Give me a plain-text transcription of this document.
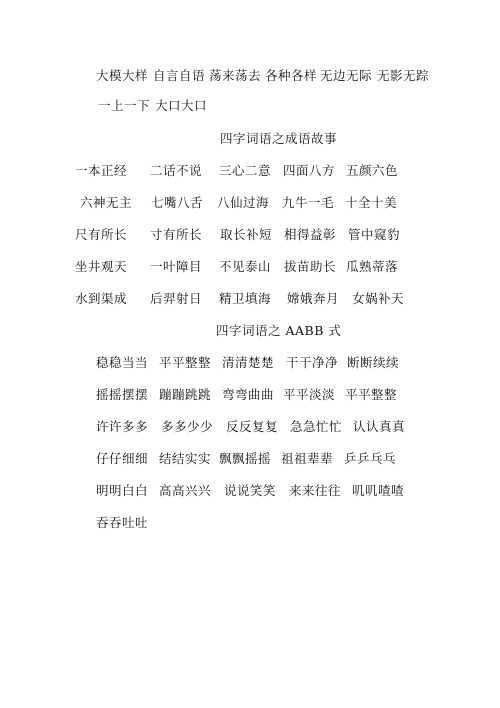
大模大样 自言自语 荡来荡去 各种各样 无边无际 无影无踪
一上一下 大口大口
四字词语之成语故事
一本正经 二话不说 三心二意 四面八方 五颜六色
六神无主 七嘴八舌 八仙过海 九牛一毛 十全十美
尺有所长 寸有所长 取长补短 相得益彰 管中窥豹
坐井观天 一叶障目 不见泰山 拔苗助长 瓜熟蒂落
水到渠成 后羿射日 精卫填海 嫦娥奔月 女娲补天
四字词语之 AABB 式
稳稳当当 平平整整 清清楚楚 干干净净 断断续续
摇摇摆摆 蹦蹦跳跳 弯弯曲曲 平平淡淡 平平整整
许许多多 多多少少 反反复复 急急忙忙 认认真真
仔仔细细 结结实实 飘飘摇摇 祖祖辈辈 乒乒乓乓
明明白白 高高兴兴 说说笑笑 来来往往 叽叽喳喳
吞吞吐吐
